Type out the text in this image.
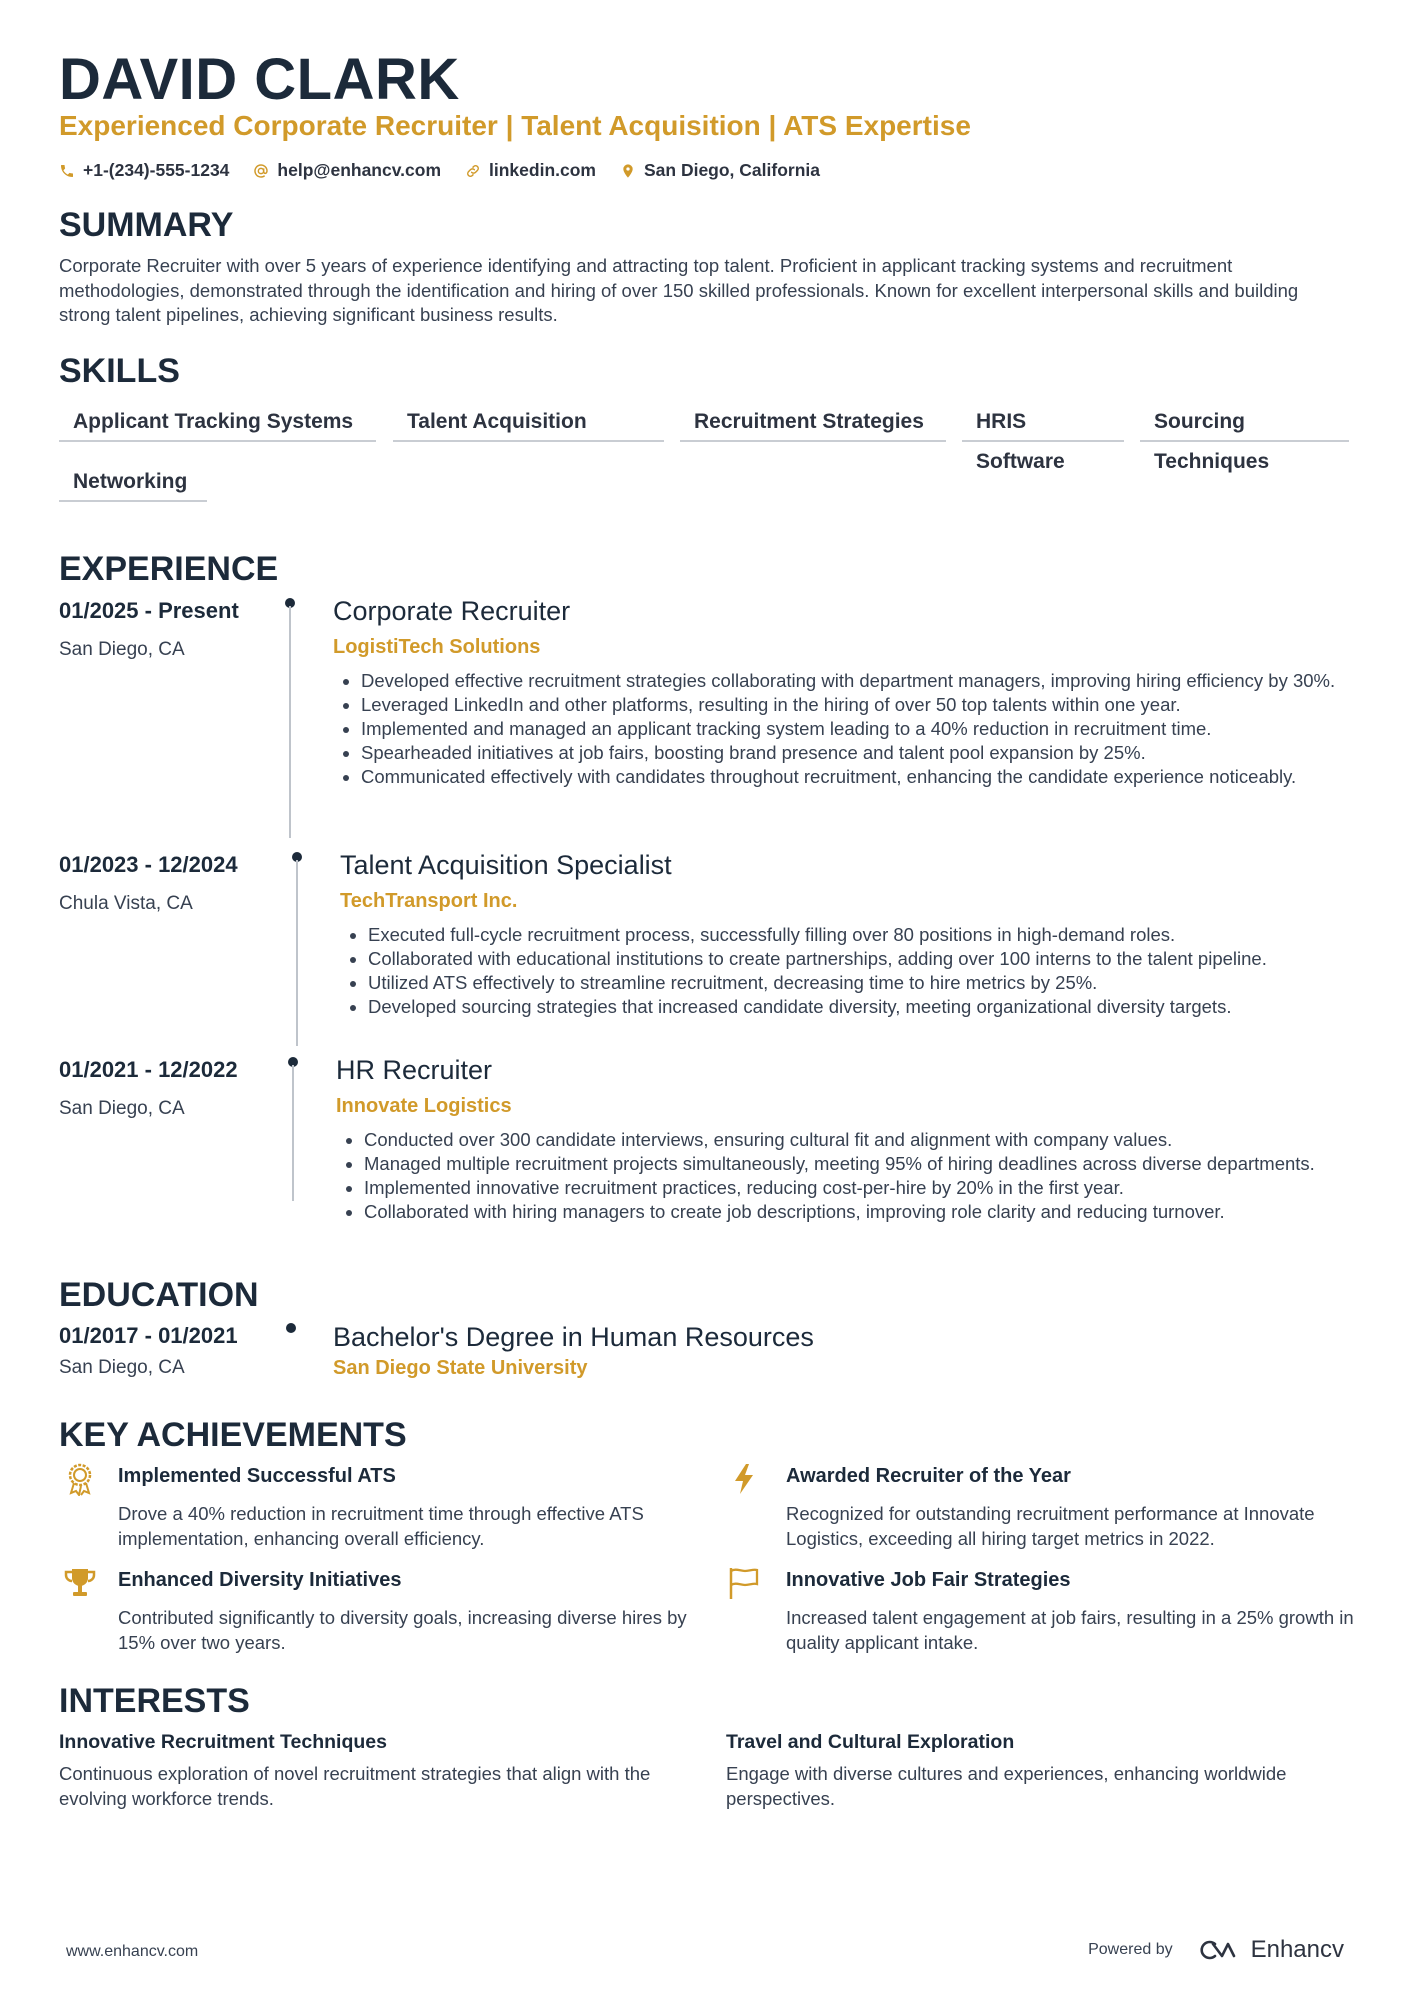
DAVID CLARK
Experienced Corporate Recruiter | Talent Acquisition | ATS Expertise
+1-(234)-555-1234	help@enhancv.com	linkedin.com	San Diego, California
SUMMARY
Corporate Recruiter with over 5 years of experience identifying and attracting top talent. Proficient in applicant tracking systems and recruitment methodologies, demonstrated through the identification and hiring of over 150 skilled professionals. Known for excellent interpersonal skills and building strong talent pipelines, achieving significant business results.
SKILLS
Applicant Tracking Systems	Talent Acquisition	Recruitment Strategies	HRIS Software
Sourcing Techniques
Networking
EXPERIENCE
01/2025 - Present
San Diego, CA
Corporate Recruiter
LogistiTech Solutions
• Developed effective recruitment strategies collaborating with department managers, improving hiring efficiency by 30%.
• Leveraged LinkedIn and other platforms, resulting in the hiring of over 50 top talents within one year.
• Implemented and managed an applicant tracking system leading to a 40% reduction in recruitment time.
• Spearheaded initiatives at job fairs, boosting brand presence and talent pool expansion by 25%.
• Communicated effectively with candidates throughout recruitment, enhancing the candidate experience noticeably.
01/2023 - 12/2024
Chula Vista, CA
Talent Acquisition Specialist
TechTransport Inc.
• Executed full-cycle recruitment process, successfully filling over 80 positions in high-demand roles.
• Collaborated with educational institutions to create partnerships, adding over 100 interns to the talent pipeline.
• Utilized ATS effectively to streamline recruitment, decreasing time to hire metrics by 25%.
• Developed sourcing strategies that increased candidate diversity, meeting organizational diversity targets.
01/2021 - 12/2022
San Diego, CA
HR Recruiter
Innovate Logistics
• Conducted over 300 candidate interviews, ensuring cultural fit and alignment with company values.
• Managed multiple recruitment projects simultaneously, meeting 95% of hiring deadlines across diverse departments.
• Implemented innovative recruitment practices, reducing cost-per-hire by 20% in the first year.
• Collaborated with hiring managers to create job descriptions, improving role clarity and reducing turnover.
EDUCATION
01/2017 - 01/2021
San Diego, CA
Bachelor's Degree in Human Resources
San Diego State University
KEY ACHIEVEMENTS
Implemented Successful ATS
Drove a 40% reduction in recruitment time through effective ATS implementation, enhancing overall efficiency.
Awarded Recruiter of the Year
Recognized for outstanding recruitment performance at Innovate Logistics, exceeding all hiring target metrics in 2022.
Enhanced Diversity Initiatives
Contributed significantly to diversity goals, increasing diverse hires by 15% over two years.
Innovative Job Fair Strategies
Increased talent engagement at job fairs, resulting in a 25% growth in quality applicant intake.
INTERESTS
Innovative Recruitment Techniques
Continuous exploration of novel recruitment strategies that align with the evolving workforce trends.
Travel and Cultural Exploration
Engage with diverse cultures and experiences, enhancing worldwide perspectives.
www.enhancv.com	Powered by	Enhancv
